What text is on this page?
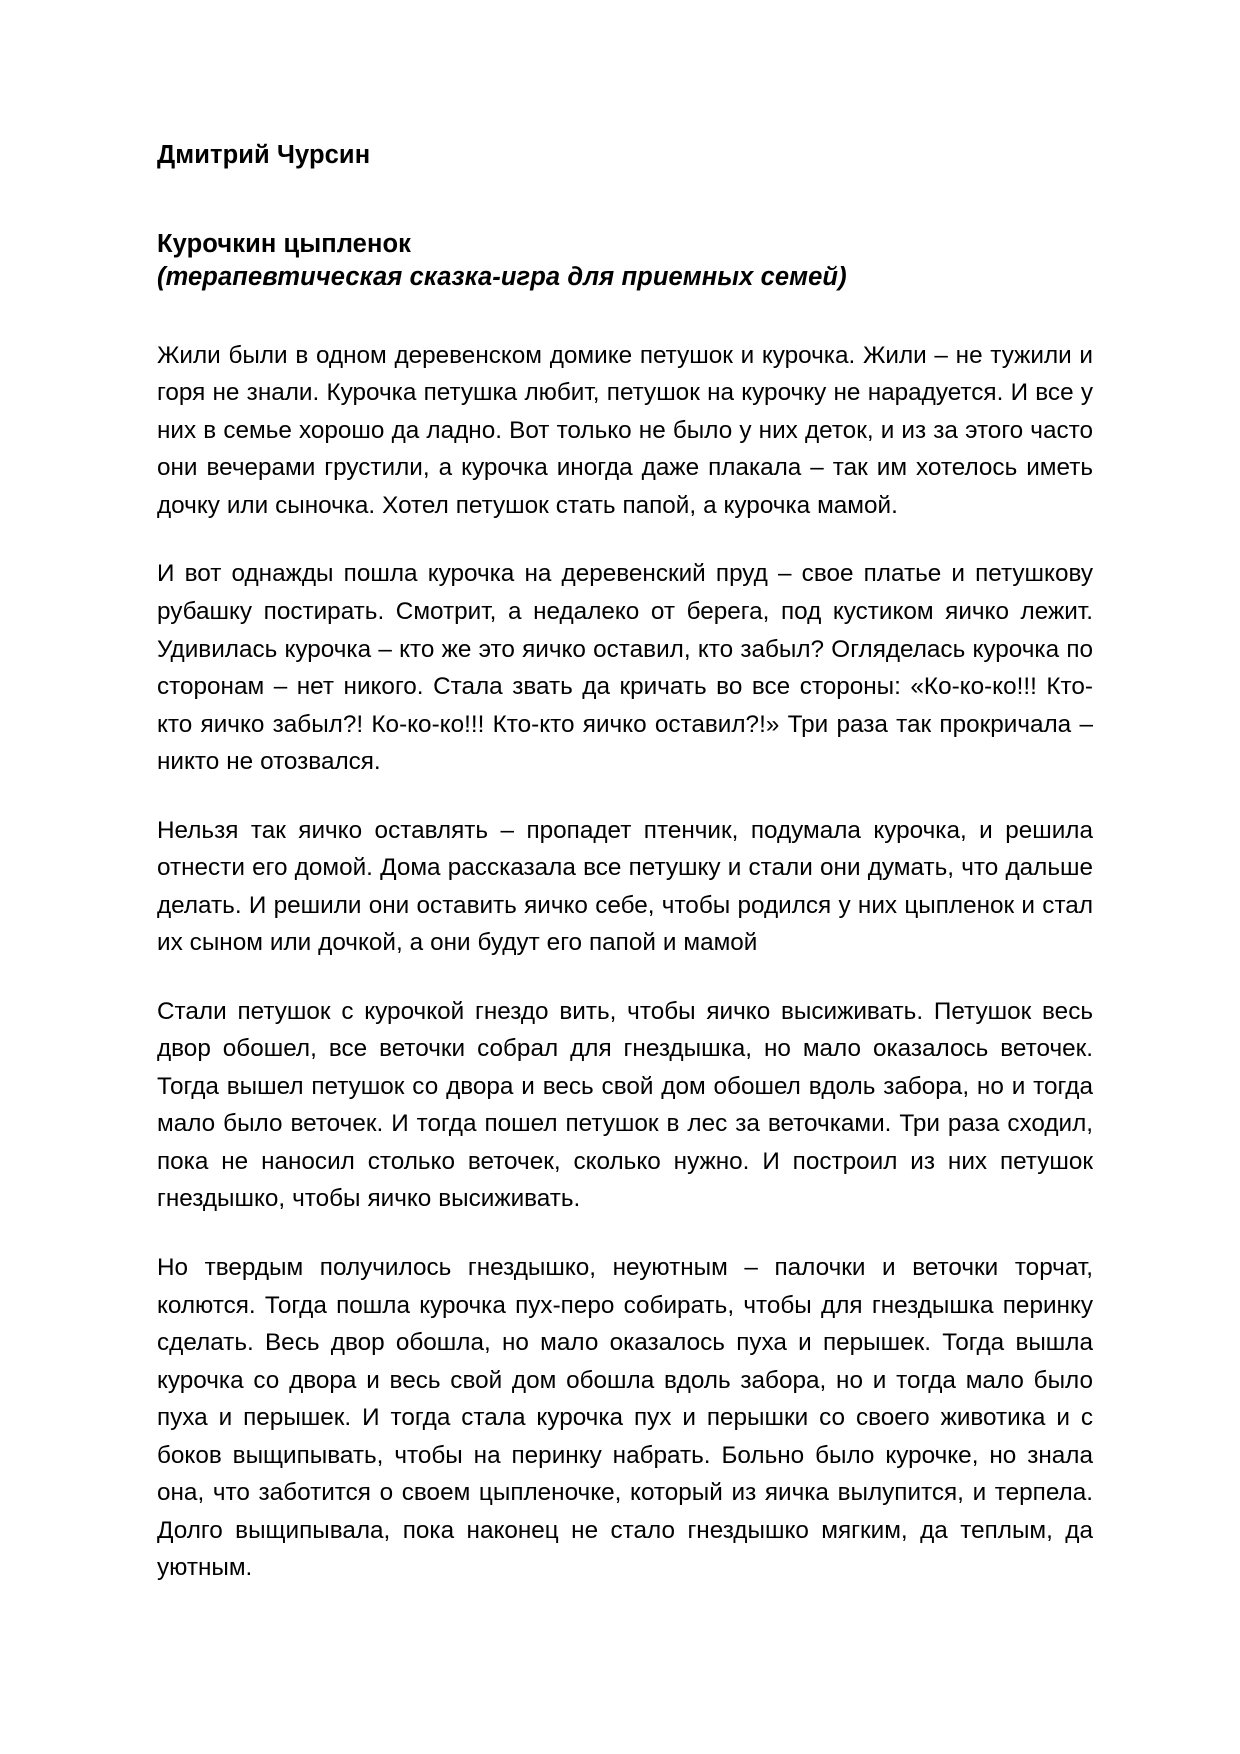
Дмитрий Чурсин
Курочкин цыпленок
(терапевтическая сказка-игра для приемных семей)

Жили были в одном деревенском домике петушок и курочка. Жили – не тужили и горя не знали. Курочка петушка любит, петушок на курочку не нарадуется. И все у них в семье хорошо да ладно. Вот только не было у них деток, и из за этого часто они вечерами грустили, а курочка иногда даже плакала – так им хотелось иметь дочку или сыночка. Хотел петушок стать папой, а курочка мамой.

И вот однажды пошла курочка на деревенский пруд – свое платье и петушкову рубашку постирать. Смотрит, а недалеко от берега, под кустиком яичко лежит. Удивилась курочка – кто же это яичко оставил, кто забыл? Огляделась курочка по сторонам – нет никого. Стала звать да кричать во все стороны: «Ко-ко-ко!!! Кто-кто яичко забыл?! Ко-ко-ко!!! Кто-кто яичко оставил?!» Три раза так прокричала – никто не отозвался.

Нельзя так яичко оставлять – пропадет птенчик, подумала курочка, и решила отнести его домой. Дома рассказала все петушку и стали они думать, что дальше делать. И решили они оставить яичко себе, чтобы родился у них цыпленок и стал их сыном или дочкой, а они будут его папой и мамой

Стали петушок с курочкой гнездо вить, чтобы яичко высиживать. Петушок весь двор обошел, все веточки собрал для гнездышка, но мало оказалось веточек. Тогда вышел петушок со двора и весь свой дом обошел вдоль забора, но и тогда мало было веточек. И тогда пошел петушок в лес за веточками. Три раза сходил, пока не наносил столько веточек, сколько нужно. И построил из них петушок гнездышко, чтобы яичко высиживать.

Но твердым получилось гнездышко, неуютным – палочки и веточки торчат, колются. Тогда пошла курочка пух-перо собирать, чтобы для гнездышка перинку сделать. Весь двор обошла, но мало оказалось пуха и перышек. Тогда вышла курочка со двора и весь свой дом обошла вдоль забора, но и тогда мало было пуха и перышек. И тогда стала курочка пух и перышки со своего животика и с боков выщипывать, чтобы на перинку набрать. Больно было курочке, но знала она, что заботится о своем цыпленочке, который из яичка вылупится, и терпела. Долго выщипывала, пока наконец не стало гнездышко мягким, да теплым, да уютным.
